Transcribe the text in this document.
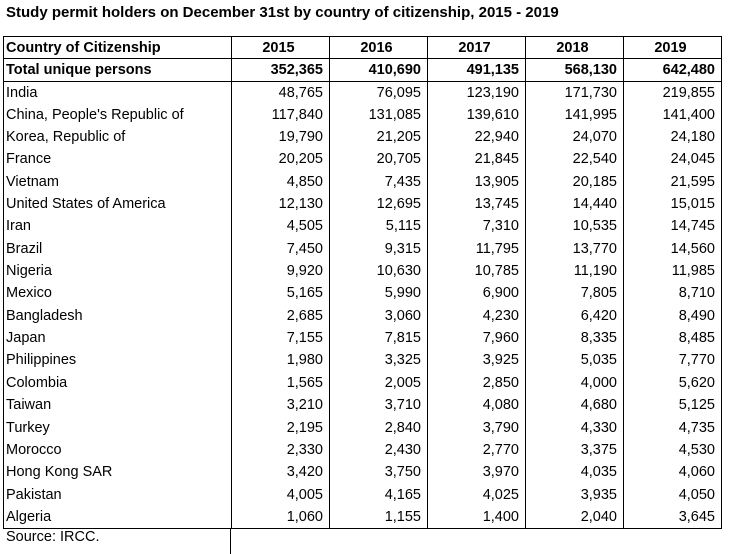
Study permit holders on December 31st by country of citizenship, 2015 - 2019
Country of Citizenship	2015	2016	2017	2018	2019
Total unique persons	352,365	410,690	491,135	568,130	642,480
India	48,765	76,095	123,190	171,730	219,855
China, People's Republic of	117,840	131,085	139,610	141,995	141,400
Korea, Republic of	19,790	21,205	22,940	24,070	24,180
France	20,205	20,705	21,845	22,540	24,045
Vietnam	4,850	7,435	13,905	20,185	21,595
United States of America	12,130	12,695	13,745	14,440	15,015
Iran	4,505	5,115	7,310	10,535	14,745
Brazil	7,450	9,315	11,795	13,770	14,560
Nigeria	9,920	10,630	10,785	11,190	11,985
Mexico	5,165	5,990	6,900	7,805	8,710
Bangladesh	2,685	3,060	4,230	6,420	8,490
Japan	7,155	7,815	7,960	8,335	8,485
Philippines	1,980	3,325	3,925	5,035	7,770
Colombia	1,565	2,005	2,850	4,000	5,620
Taiwan	3,210	3,710	4,080	4,680	5,125
Turkey	2,195	2,840	3,790	4,330	4,735
Morocco	2,330	2,430	2,770	3,375	4,530
Hong Kong SAR	3,420	3,750	3,970	4,035	4,060
Pakistan	4,005	4,165	4,025	3,935	4,050
Algeria	1,060	1,155	1,400	2,040	3,645
Source: IRCC.
